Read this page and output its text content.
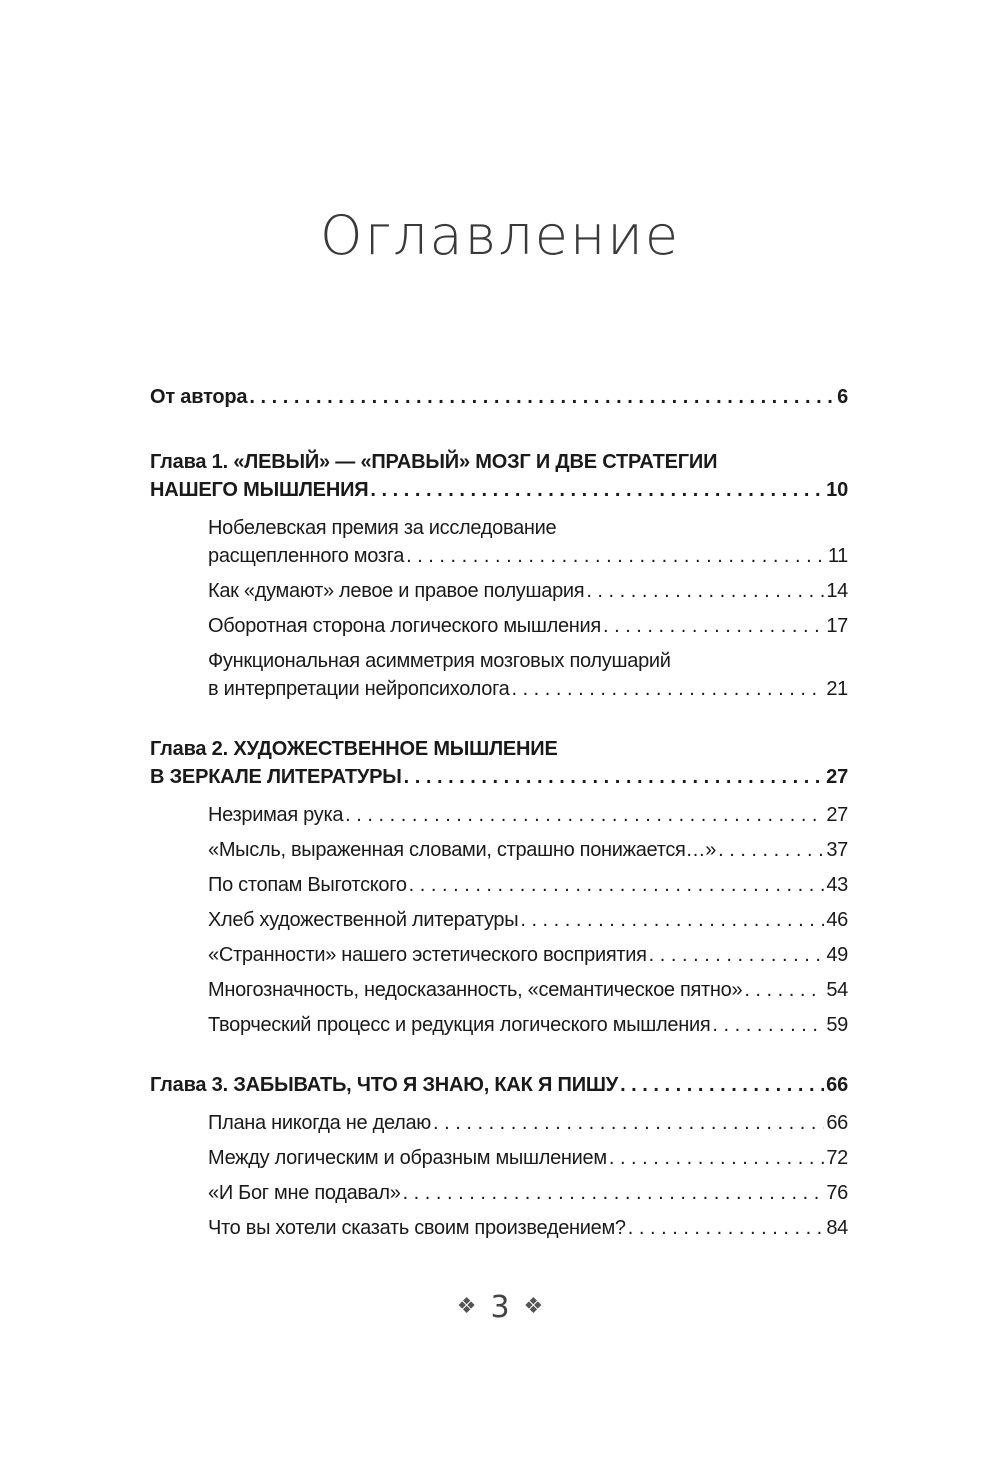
Оглавление
От автора . . .	6
Глава 1. «ЛЕВЫЙ» — «ПРАВЫЙ» МОЗГ И ДВЕ СТРАТЕГИИ
НАШЕГО МЫШЛЕНИЯ . . .	10
Нобелевская премия за исследование
расщепленного мозга . . .	11
Как «думают» левое и правое полушария . . .	14
Оборотная сторона логического мышления . . .	17
Функциональная асимметрия мозговых полушарий
в интерпретации нейропсихолога . . .	21
Глава 2. ХУДОЖЕСТВЕННОЕ МЫШЛЕНИЕ
В ЗЕРКАЛЕ ЛИТЕРАТУРЫ . . .	27
Незримая рука . . .	27
«Мысль, выраженная словами, страшно понижается…» . . .	37
По стопам Выготского . . .	43
Хлеб художественной литературы . . .	46
«Странности» нашего эстетического восприятия . . .	49
Многозначность, недосказанность, «семантическое пятно» . . .	54
Творческий процесс и редукция логического мышления . . .	59
Глава 3. ЗАБЫВАТЬ, ЧТО Я ЗНАЮ, КАК Я ПИШУ . . .	66
Плана никогда не делаю . . .	66
Между логическим и образным мышлением . . .	72
«И Бог мне подавал» . . .	76
Что вы хотели сказать своим произведением? . . .	84
❖ 3 ❖
